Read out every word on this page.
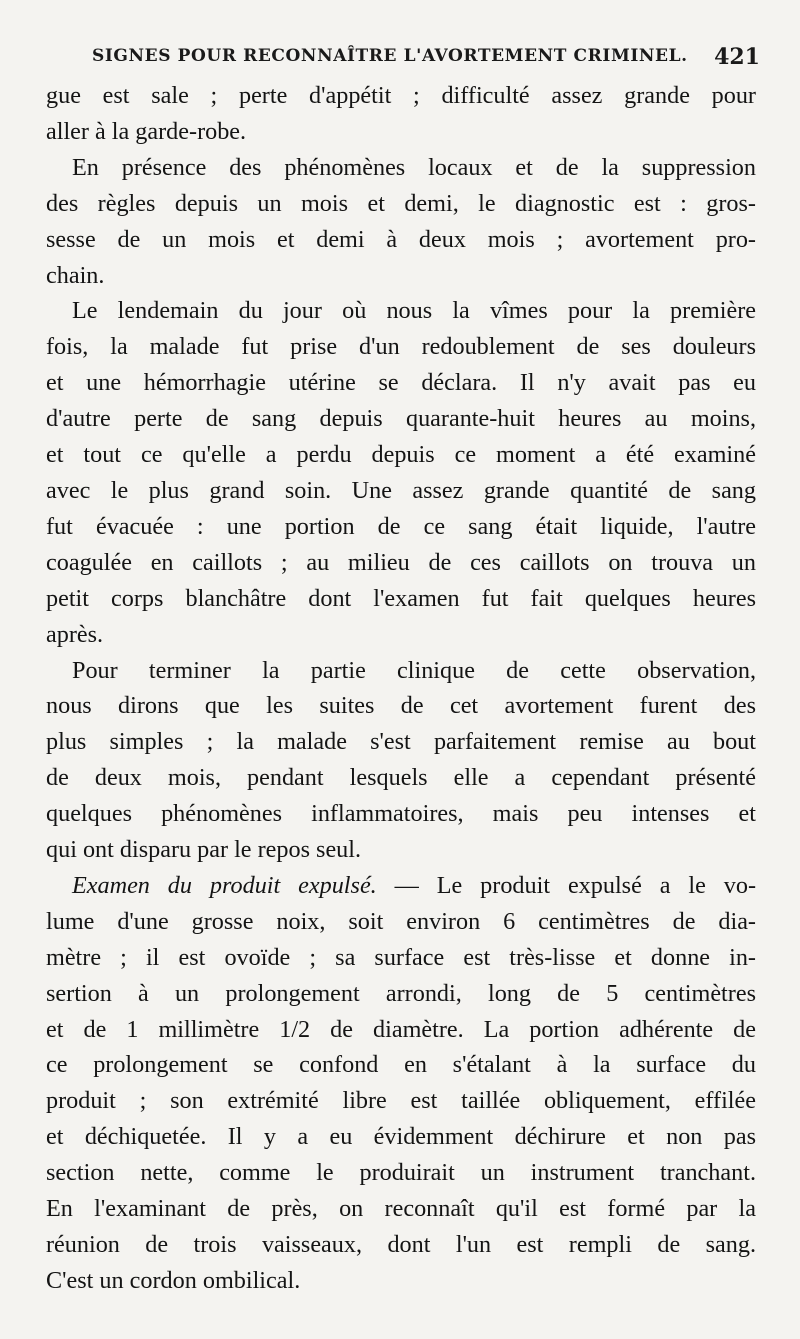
SIGNES POUR RECONNAÎTRE L'AVORTEMENT CRIMINEL. 421
gue est sale ; perte d'appétit ; difficulté assez grande pour
aller à la garde-robe.
En présence des phénomènes locaux et de la suppression
des règles depuis un mois et demi, le diagnostic est : gros-
sesse de un mois et demi à deux mois ; avortement pro-
chain.
Le lendemain du jour où nous la vîmes pour la première
fois, la malade fut prise d'un redoublement de ses douleurs
et une hémorrhagie utérine se déclara. Il n'y avait pas eu
d'autre perte de sang depuis quarante-huit heures au moins,
et tout ce qu'elle a perdu depuis ce moment a été examiné
avec le plus grand soin. Une assez grande quantité de sang
fut évacuée : une portion de ce sang était liquide, l'autre
coagulée en caillots ; au milieu de ces caillots on trouva un
petit corps blanchâtre dont l'examen fut fait quelques heures
après.
Pour terminer la partie clinique de cette observation,
nous dirons que les suites de cet avortement furent des
plus simples ; la malade s'est parfaitement remise au bout
de deux mois, pendant lesquels elle a cependant présenté
quelques phénomènes inflammatoires, mais peu intenses et
qui ont disparu par le repos seul.
Examen du produit expulsé. — Le produit expulsé a le vo-
lume d'une grosse noix, soit environ 6 centimètres de dia-
mètre ; il est ovoïde ; sa surface est très-lisse et donne in-
sertion à un prolongement arrondi, long de 5 centimètres
et de 1 millimètre 1/2 de diamètre. La portion adhérente de
ce prolongement se confond en s'étalant à la surface du
produit ; son extrémité libre est taillée obliquement, effilée
et déchiquetée. Il y a eu évidemment déchirure et non pas
section nette, comme le produirait un instrument tranchant.
En l'examinant de près, on reconnaît qu'il est formé par la
réunion de trois vaisseaux, dont l'un est rempli de sang.
C'est un cordon ombilical.
